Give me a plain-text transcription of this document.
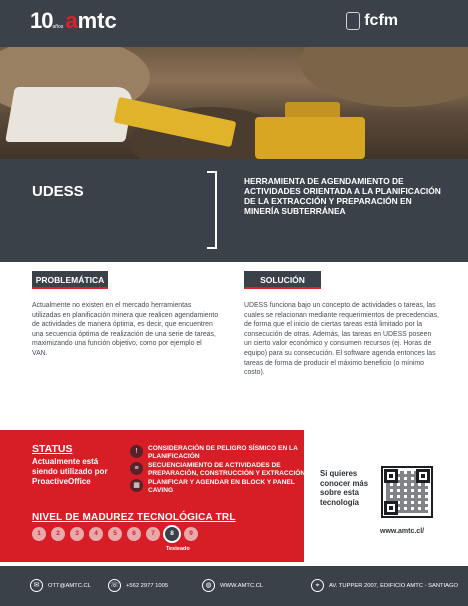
10 años amtc	fcfm
UDESS
HERRAMIENTA DE AGENDAMIENTO DE ACTIVIDADES ORIENTADA A LA PLANIFICACIÓN DE LA EXTRACCIÓN Y PREPARACIÓN EN MINERÍA SUBTERRÁNEA
PROBLEMÁTICA	SOLUCIÓN

Actualmente no existen en el mercado herramientas utilizadas en planificación minera que realicen agendamiento de actividades de manera óptima, es decir, que encuentren una secuencia óptima de realización de una serie de tareas, maximizando una función objetivo, como por ejemplo el VAN.

UDESS funciona bajo un concepto de actividades o tareas, las cuales se relacionan mediante requerimientos de precedencias, de forma que el inicio de ciertas tareas está limitado por la consecución de otras. Además, las tareas en UDESS poseen un cierto valor económico y consumen recursos (ej. Horas de equipo) para su consecución. El software agenda entonces las tareas de forma de producir el máximo beneficio (o mínimo costo).

STATUS
Actualmente está siendo utilizado por ProactiveOffice
!	CONSIDERACIÓN DE PELIGRO SÍSMICO EN LA PLANIFICACIÓN
≡	SECUENCIAMIENTO DE ACTIVIDADES DE PREPARACIÓN, CONSTRUCCIÓN Y EXTRACCIÓN
▦	PLANIFICAR Y AGENDAR EN BLOCK Y PANEL CAVING
NIVEL DE MADUREZ TECNOLÓGICA TRL
1	2	3	4	5	6	7	8	9
Testeado
Si quieres conocer más sobre esta tecnología
www.amtc.cl/
✉	OTT@AMTC.CL	☏	+562 2977 1005	◍	WWW.AMTC.CL	⌖	AV. TUPPER 2007, EDIFICIO AMTC - SANTIAGO
